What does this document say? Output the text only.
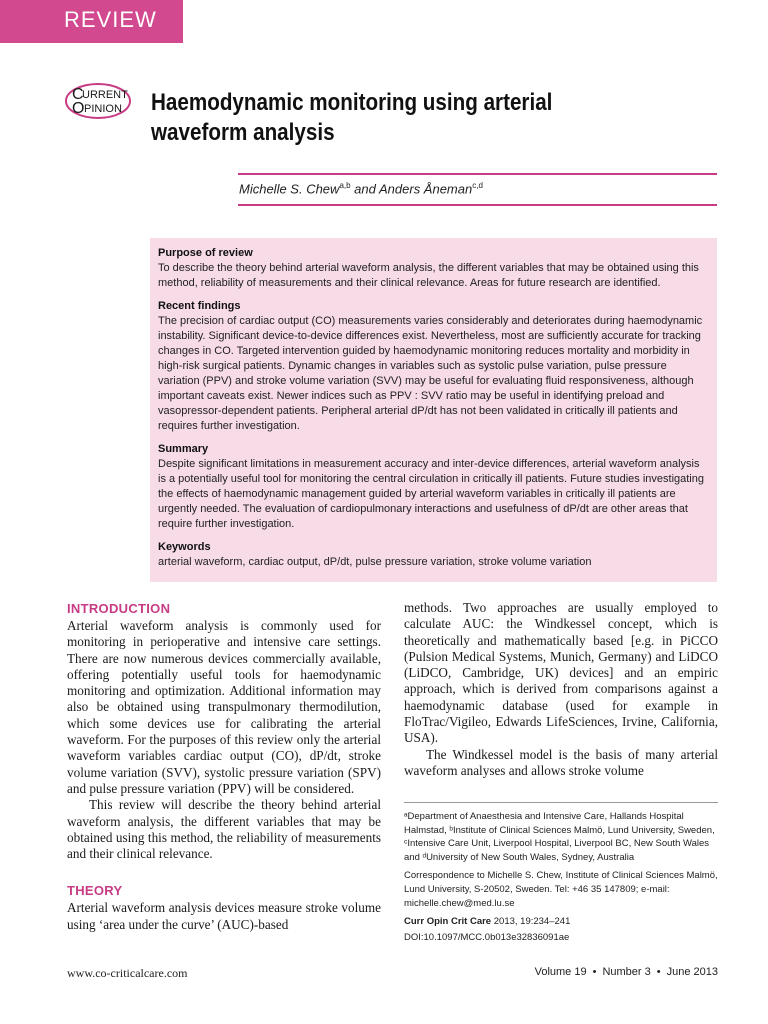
REVIEW
C
URRENT
O PINION Haemodynamic monitoring using arterial
waveform analysis
Michelle S. Chew$^{a,b}$ and Anders Åneman$^{c,d}$
Purpose of review

To describe the theory behind arterial waveform analysis, the different variables that may be obtained using this method, reliability of measurements and their clinical relevance. Areas for future research are identified.

Recent findings

The precision of cardiac output (CO) measurements varies considerably and deteriorates during haemodynamic instability. Significant device-to-device differences exist. Nevertheless, most are sufficiently accurate for tracking changes in CO. Targeted intervention guided by haemodynamic monitoring reduces mortality and morbidity in high-risk surgical patients. Dynamic changes in variables such as systolic pulse variation, pulse pressure variation (PPV) and stroke volume variation (SVV) may be useful for evaluating fluid responsiveness, although important caveats exist. Newer indices such as PPV : SVV ratio may be useful in identifying preload and vasopressor-dependent patients. Peripheral arterial dP/dt has not been validated in critically ill patients and requires further investigation.

Summary

Despite significant limitations in measurement accuracy and inter-device differences, arterial waveform analysis is a potentially useful tool for monitoring the central circulation in critically ill patients. Future studies investigating the effects of haemodynamic management guided by arterial waveform variables in critically ill patients are urgently needed. The evaluation of cardiopulmonary interactions and usefulness of dP/dt are other areas that require further investigation.

Keywords

arterial waveform, cardiac output, dP/dt, pulse pressure variation, stroke volume variation

INTRODUCTION

Arterial waveform analysis is commonly used for monitoring in perioperative and intensive care settings. There are now numerous devices commercially available, offering potentially useful tools for haemodynamic monitoring and optimization. Additional information may also be obtained using transpulmonary thermodilution, which some devices use for calibrating the arterial waveform. For the purposes of this review only the arterial waveform variables cardiac output (CO), dP/dt, stroke volume variation (SVV), systolic pressure variation (SPV) and pulse pressure variation (PPV) will be considered.

This review will describe the theory behind arterial waveform analysis, the different variables that may be obtained using this method, the reliability of measurements and their clinical relevance.

THEORY

Arterial waveform analysis devices measure stroke volume using ‘area under the curve’ (AUC)-based

methods. Two approaches are usually employed to calculate AUC: the Windkessel concept, which is theoretically and mathematically based [e.g. in PiCCO (Pulsion Medical Systems, Munich, Germany) and LiDCO (LiDCO, Cambridge, UK) devices] and an empiric approach, which is derived from comparisons against a haemodynamic database (used for example in FloTrac/Vigileo, Edwards LifeSciences, Irvine, California, USA).

The Windkessel model is the basis of many arterial waveform analyses and allows stroke volume

ᵃDepartment of Anaesthesia and Intensive Care, Hallands Hospital Halmstad, ᵇInstitute of Clinical Sciences Malmö, Lund University, Sweden, ᶜIntensive Care Unit, Liverpool Hospital, Liverpool BC, New South Wales and ᵈUniversity of New South Wales, Sydney, Australia

Correspondence to Michelle S. Chew, Institute of Clinical Sciences Malmö, Lund University, S-20502, Sweden. Tel: +46 35 147809; e-mail: michelle.chew@med.lu.se

Curr Opin Crit Care 2013, 19:234–241

DOI:10.1097/MCC.0b013e32836091ae

www.co-criticalcare.com	Volume 19 • Number 3 • June 2013
